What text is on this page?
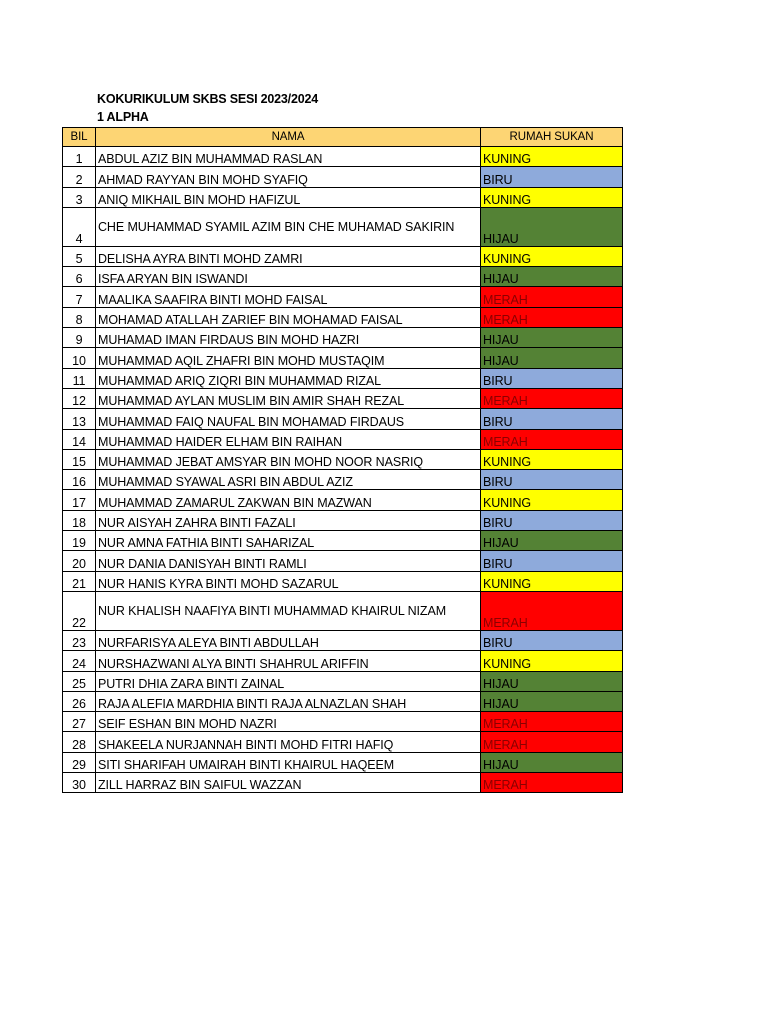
KOKURIKULUM SKBS SESI 2023/2024
1 ALPHA
BIL	NAMA	RUMAH SUKAN
1	ABDUL AZIZ BIN MUHAMMAD RASLAN	KUNING
2	AHMAD RAYYAN BIN MOHD SYAFIQ	BIRU
3	ANIQ MIKHAIL BIN MOHD HAFIZUL	KUNING
4	CHE MUHAMMAD SYAMIL AZIM BIN CHE MUHAMAD SAKIRIN	HIJAU
5	DELISHA AYRA BINTI MOHD ZAMRI	KUNING
6	ISFA ARYAN BIN ISWANDI	HIJAU
7	MAALIKA SAAFIRA BINTI MOHD FAISAL	MERAH
8	MOHAMAD ATALLAH ZARIEF BIN MOHAMAD FAISAL	MERAH
9	MUHAMAD IMAN FIRDAUS BIN MOHD HAZRI	HIJAU
10	MUHAMMAD AQIL ZHAFRI BIN MOHD MUSTAQIM	HIJAU
11	MUHAMMAD ARIQ ZIQRI BIN MUHAMMAD RIZAL	BIRU
12	MUHAMMAD AYLAN MUSLIM BIN AMIR SHAH REZAL	MERAH
13	MUHAMMAD FAIQ NAUFAL BIN MOHAMAD FIRDAUS	BIRU
14	MUHAMMAD HAIDER ELHAM BIN RAIHAN	MERAH
15	MUHAMMAD JEBAT AMSYAR BIN MOHD NOOR NASRIQ	KUNING
16	MUHAMMAD SYAWAL ASRI BIN ABDUL AZIZ	BIRU
17	MUHAMMAD ZAMARUL ZAKWAN BIN MAZWAN	KUNING
18	NUR AISYAH ZAHRA BINTI FAZALI	BIRU
19	NUR AMNA FATHIA BINTI SAHARIZAL	HIJAU
20	NUR DANIA DANISYAH BINTI RAMLI	BIRU
21	NUR HANIS KYRA BINTI MOHD SAZARUL	KUNING
22	NUR KHALISH NAAFIYA BINTI MUHAMMAD KHAIRUL NIZAM	MERAH
23	NURFARISYA ALEYA BINTI ABDULLAH	BIRU
24	NURSHAZWANI ALYA BINTI SHAHRUL ARIFFIN	KUNING
25	PUTRI DHIA ZARA BINTI ZAINAL	HIJAU
26	RAJA ALEFIA MARDHIA BINTI RAJA ALNAZLAN SHAH	HIJAU
27	SEIF ESHAN BIN MOHD NAZRI	MERAH
28	SHAKEELA NURJANNAH BINTI MOHD FITRI HAFIQ	MERAH
29	SITI SHARIFAH UMAIRAH BINTI KHAIRUL HAQEEM	HIJAU
30	ZILL HARRAZ BIN SAIFUL WAZZAN	MERAH
